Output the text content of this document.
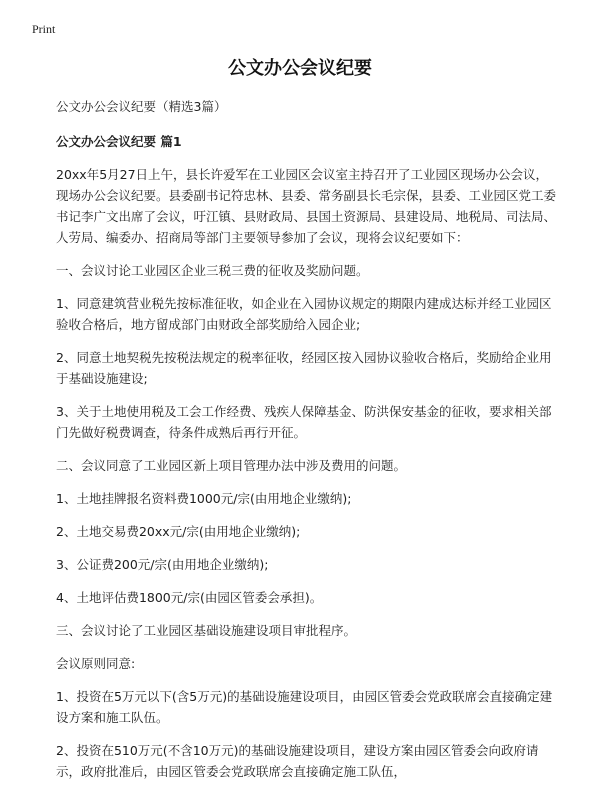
Print
公文办公会议纪要

公文办公会议纪要（精选3篇）

公文办公会议纪要 篇1

20xx年5月27日上午，县长许爱军在工业园区会议室主持召开了工业园区现场办公会议，现场办公会议纪要。县委副书记符忠林、县委、常务副县长毛宗保，县委、工业园区党工委书记李广文出席了会议，吁江镇、县财政局、县国土资源局、县建设局、地税局、司法局、人劳局、编委办、招商局等部门主要领导参加了会议，现将会议纪要如下：

一、会议讨论工业园区企业三税三费的征收及奖励问题。

1、同意建筑营业税先按标准征收，如企业在入园协议规定的期限内建成达标并经工业园区验收合格后，地方留成部门由财政全部奖励给入园企业;

2、同意土地契税先按税法规定的税率征收，经园区按入园协议验收合格后，奖励给企业用于基础设施建设;

3、关于土地使用税及工会工作经费、残疾人保障基金、防洪保安基金的征收，要求相关部门先做好税费调查，待条件成熟后再行开征。

二、会议同意了工业园区新上项目管理办法中涉及费用的问题。

1、土地挂牌报名资料费1000元/宗(由用地企业缴纳);

2、土地交易费20xx元/宗(由用地企业缴纳);

3、公证费200元/宗(由用地企业缴纳);

4、土地评估费1800元/宗(由园区管委会承担)。

三、会议讨论了工业园区基础设施建设项目审批程序。

会议原则同意:

1、投资在5万元以下(含5万元)的基础设施建设项目，由园区管委会党政联席会直接确定建设方案和施工队伍。

2、投资在510万元(不含10万元)的基础设施建设项目，建设方案由园区管委会向政府请示，政府批准后，由园区管委会党政联席会直接确定施工队伍，
